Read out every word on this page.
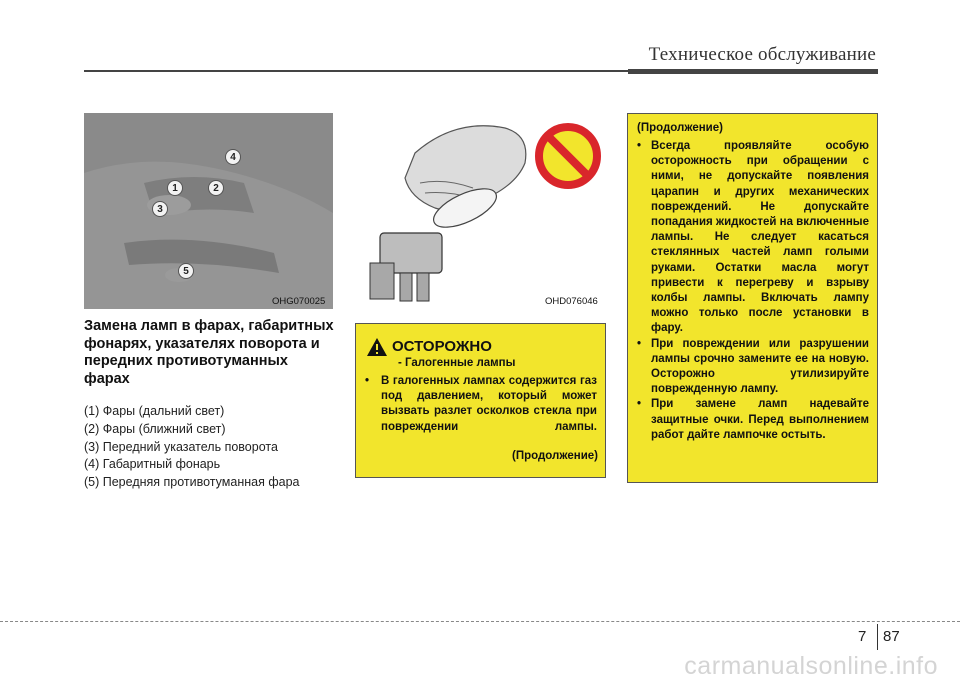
Техническое обслуживание
1	2
3
4
5
OHG070025	OHD076046
Замена ламп в фарах, габаритных фонарях, указателях поворота и передних противотуманных фарах
(1) Фары (дальний свет)
(2) Фары (ближний свет)
(3) Передний указатель поворота
(4) Габаритный фонарь
(5) Передняя противотуманная фара
ОСТОРОЖНО
- Галогенные лампы
• В галогенных лампах содержится газ под давлением, который может вызвать разлет осколков стекла при повреждении лампы.
(Продолжение)
(Продолжение)
• Всегда проявляйте особую осторожность при обращении с ними, не допускайте появления царапин и других механических повреждений. Не допускайте попадания жидкостей на включенные лампы. Не следует касаться стеклянных частей ламп голыми руками. Остатки масла могут привести к перегреву и взрыву колбы лампы. Включать лампу можно только после установки в фару.
• При повреждении или разрушении лампы срочно замените ее на новую. Осторожно утилизируйте поврежденную лампу.
• При замене ламп надевайте защитные очки. Перед выполнением работ дайте лампочке остыть.
7 87
carmanualsonline.info
